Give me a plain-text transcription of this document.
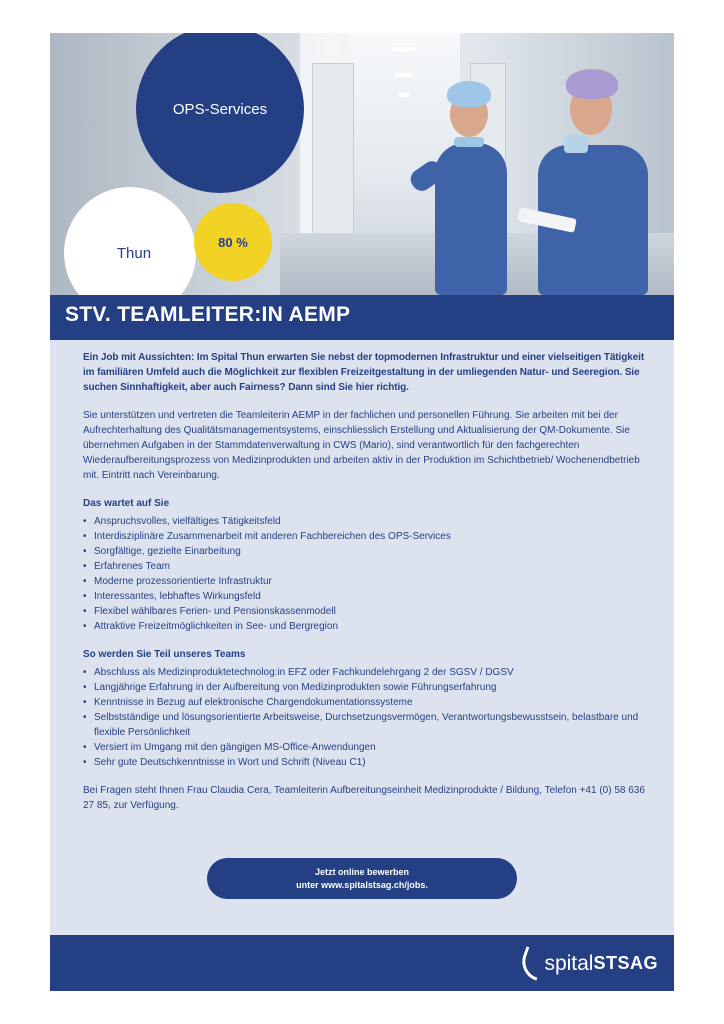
OPS-Services
Thun
80 %
STV. TEAMLEITER:IN AEMP

Ein Job mit Aussichten: Im Spital Thun erwarten Sie nebst der topmodernen Infrastruktur und einer vielseitigen Tätigkeit im familiären Umfeld auch die Möglichkeit zur flexiblen Freizeitgestaltung in der umliegenden Natur- und Seeregion. Sie suchen Sinnhaftigkeit, aber auch Fairness? Dann sind Sie hier richtig.

Sie unterstützen und vertreten die Teamleiterin AEMP in der fachlichen und personellen Führung. Sie arbeiten mit bei der Aufrechterhaltung des Qualitätsmanagementsystems, einschliesslich Erstellung und Aktualisierung der QM-Dokumente. Sie übernehmen Aufgaben in der Stammdatenverwaltung in CWS (Mario), sind verantwortlich für den fachgerechten Wiederaufbereitungsprozess von Medizinprodukten und arbeiten aktiv in der Produktion im Schichtbetrieb/ Wochenendbetrieb mit. Eintritt nach Vereinbarung.

Das wartet auf Sie

• Anspruchsvolles, vielfältiges Tätigkeitsfeld
• Interdisziplinäre Zusammenarbeit mit anderen Fachbereichen des OPS-Services
• Sorgfältige, gezielte Einarbeitung
• Erfahrenes Team
• Moderne prozessorientierte Infrastruktur
• Interessantes, lebhaftes Wirkungsfeld
• Flexibel wählbares Ferien- und Pensionskassenmodell
• Attraktive Freizeitmöglichkeiten in See- und Bergregion

So werden Sie Teil unseres Teams

• Abschluss als Medizinproduktetechnolog:in EFZ oder Fachkundelehrgang 2 der SGSV / DGSV
• Langjährige Erfahrung in der Aufbereitung von Medizinprodukten sowie Führungserfahrung
• Kenntnisse in Bezug auf elektronische Chargendokumentationssysteme
• Selbstständige und lösungsorientierte Arbeitsweise, Durchsetzungsvermögen, Verantwortungsbewusstsein, belastbare und flexible Persönlichkeit
• Versiert im Umgang mit den gängigen MS-Office-Anwendungen
• Sehr gute Deutschkenntnisse in Wort und Schrift (Niveau C1)

Bei Fragen steht Ihnen Frau Claudia Cera, Teamleiterin Aufbereitungseinheit Medizinprodukte / Bildung, Telefon +41 (0) 58 636 27 85, zur Verfügung.

Jetzt online bewerben
unter www.spitalstsag.ch/jobs.
spital STSAG
